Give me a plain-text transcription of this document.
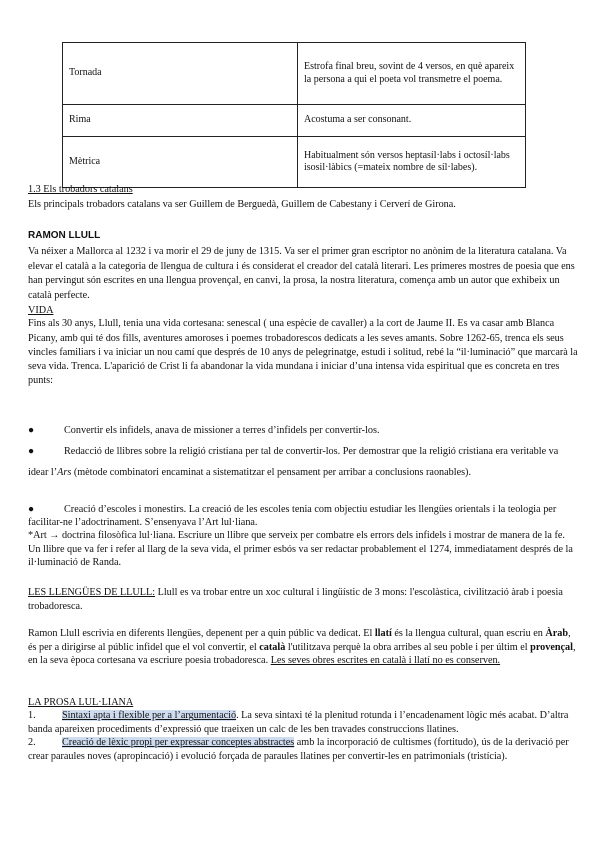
Tornada	Estrofa final breu, sovint de 4 versos, en què apareix la persona a qui el poeta vol transmetre el poema.
Rima	Acostuma a ser consonant.
Mètrica	Habitualment són versos heptasíl·labs i octosíl·labs isosil·làbics (=mateix nombre de síl·labes).

1.3 Els trobadors catalans

Els principals trobadors catalans va ser Guillem de Berguedà, Guillem de Cabestany i Cerverí de Girona.

RAMON LLULL

Va néixer a Mallorca al 1232 i va morir el 29 de juny de 1315. Va ser el primer gran escriptor no anònim de la literatura catalana. Va elevar el català a la categoria de llengua de cultura i és considerat el creador del català literari. Les primeres mostres de poesia que ens han pervingut són escrites en una llengua provençal, en canvi, la prosa, la nostra literatura, comença amb un autor que exhibeix un català perfecte.

VIDA

Fins als 30 anys, Llull, tenia una vida cortesana: senescal ( una espècie de cavaller) a la cort de Jaume II. Es va casar amb Blanca Picany, amb qui té dos fills, aventures amoroses i poemes trobadorescos dedicats a les seves amants. Sobre 1262-65, trenca els seus vincles familiars i va iniciar un nou camí que després de 10 anys de pelegrinatge, estudi i solitud, rebé la “il·luminació” que marcarà la seva vida. Trenca. L'aparició de Crist li fa abandonar la vida mundana i iniciar d’una intensa vida espiritual que es concreta en tres punts:

●	Convertir els infidels, anava de missioner a terres d’infidels per convertir-los.

●	Redacció de llibres sobre la religió cristiana per tal de convertir-los. Per demostrar que la religió cristiana era veritable va idear l’Ars (mètode combinatori encaminat a sistematitzar el pensament per arribar a conclusions raonables).

●	Creació d’escoles i monestirs. La creació de les escoles tenia com objectiu estudiar les llengües orientals i la teologia per facilitar-ne l’adoctrinament. S’ensenyava l’Art lul·liana.

*Art → doctrina filosòfica lul·liana. Escriure un llibre que serveix per combatre els errors dels infidels i mostrar de manera de la fe. Un llibre que va fer i refer al llarg de la seva vida, el primer esbós va ser redactar probablement el 1274, immediatament després de la il·luminació de Randa.

LES LLENGÜES DE LLULL: Llull es va trobar entre un xoc cultural i lingüístic de 3 mons: l'escolàstica, civilització àrab i poesia trobadoresca.

Ramon Llull escrivia en diferents llengües, depenent per a quin públic va dedicat. El llatí és la llengua cultural, quan escriu en Àrab, és per a dirigirse al públic infidel que el vol convertir, el català l'utilitzava perquè la obra arribes al seu poble i per últim el provençal, en la seva època cortesana va escriure poesia trobadoresca. Les seves obres escrites en català i llatí no es conserven.

LA PROSA LUL·LIANA

1.	Sintaxi apta i flexible per a l’argumentació. La seva sintaxi té la plenitud rotunda i l’encadenament lògic més acabat. D’altra banda apareixen procediments d’expressió que traeixen un calc de les ben travades construccions llatines.

2.	Creació de lèxic propi per expressar conceptes abstractes amb la incorporació de cultismes (fortitudo), ús de la derivació per crear paraules noves (apropincació) i evolució forçada de paraules llatines per convertir-les en patrimonials (tristícia).
